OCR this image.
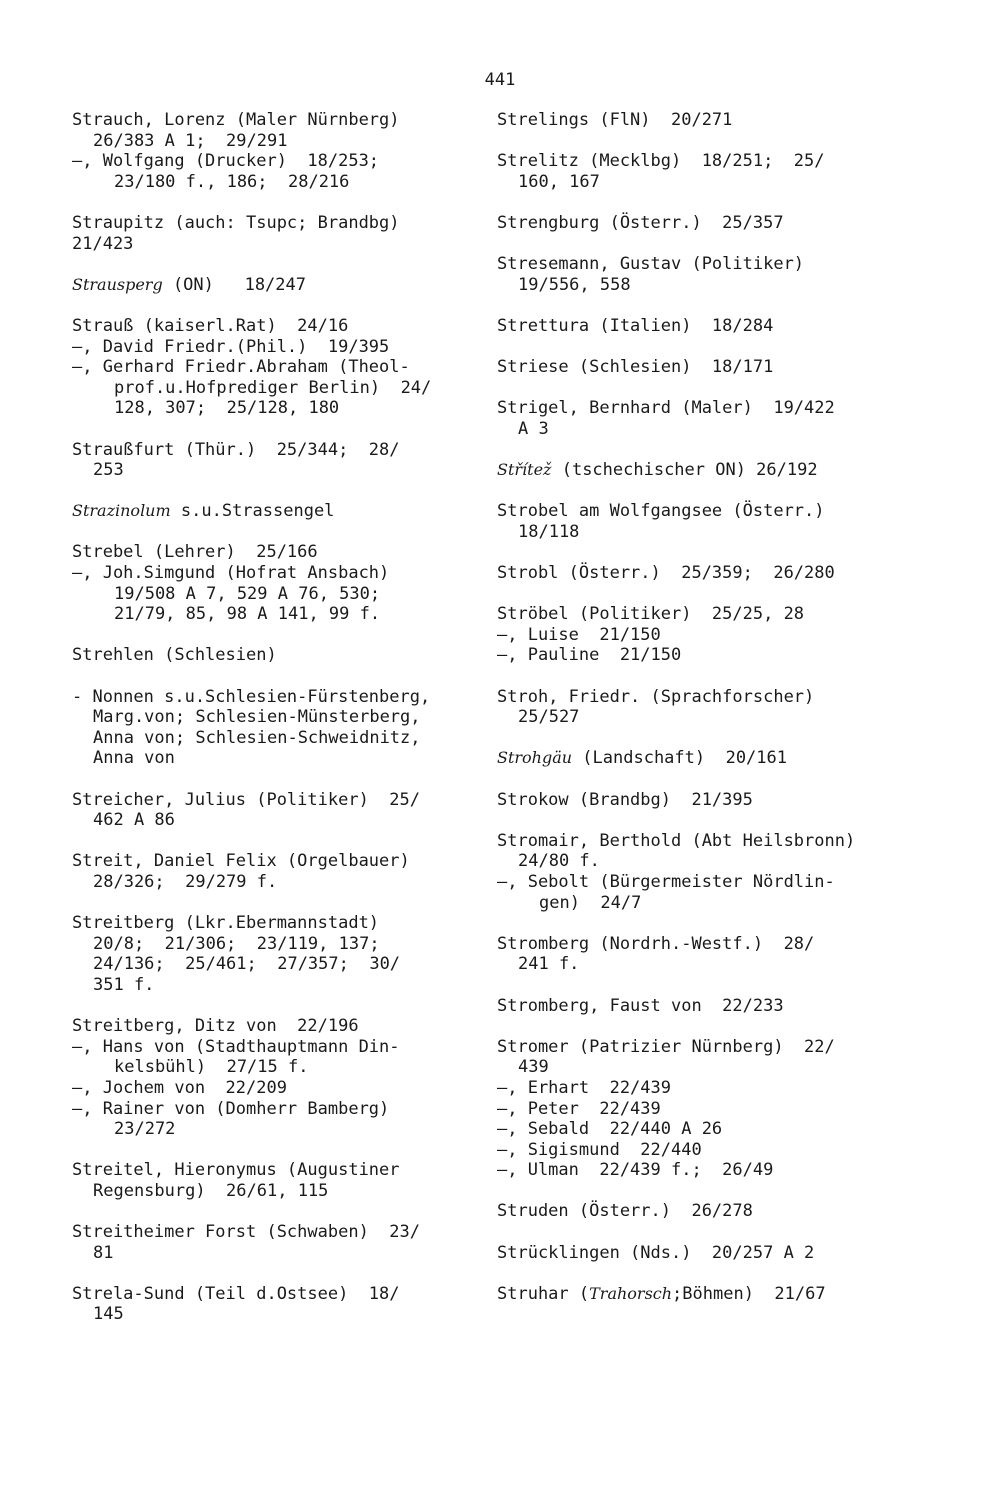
441
Strauch, Lorenz (Maler Nürnberg)
26/383 A 1;  29/291
—, Wolfgang (Drucker)  18/253;
23/180 f., 186;  28/216
Straupitz (auch: Tsupc; Brandbg)
21/423
Strausperg (ON)   18/247
Strauß (kaiserl.Rat)  24/16
—, David Friedr.(Phil.)  19/395
—, Gerhard Friedr.Abraham (Theol-
prof.u.Hofprediger Berlin)  24/
128, 307;  25/128, 180
Straußfurt (Thür.)  25/344;  28/
253
Strazinolum s.u.Strassengel
Strebel (Lehrer)  25/166
—, Joh.Simgund (Hofrat Ansbach)
19/508 A 7, 529 A 76, 530;
21/79, 85, 98 A 141, 99 f.
Strehlen (Schlesien)
- Nonnen s.u.Schlesien-Fürstenberg,
Marg.von; Schlesien-Münsterberg,
Anna von; Schlesien-Schweidnitz,
Anna von
Streicher, Julius (Politiker)  25/
462 A 86
Streit, Daniel Felix (Orgelbauer)
28/326;  29/279 f.
Streitberg (Lkr.Ebermannstadt)
20/8;  21/306;  23/119, 137;
24/136;  25/461;  27/357;  30/
351 f.
Streitberg, Ditz von  22/196
—, Hans von (Stadthauptmann Din-
kelsbühl)  27/15 f.
—, Jochem von  22/209
—, Rainer von (Domherr Bamberg)
23/272
Streitel, Hieronymus (Augustiner
Regensburg)  26/61, 115
Streitheimer Forst (Schwaben)  23/
81
Strela-Sund (Teil d.Ostsee)  18/
145
Strelings (FlN)  20/271
Strelitz (Mecklbg)  18/251;  25/
160, 167
Strengburg (Österr.)  25/357
Stresemann, Gustav (Politiker)
19/556, 558
Strettura (Italien)  18/284
Striese (Schlesien)  18/171
Strigel, Bernhard (Maler)  19/422
A 3
Střítež (tschechischer ON) 26/192
Strobel am Wolfgangsee (Österr.)
18/118
Strobl (Österr.)  25/359;  26/280
Ströbel (Politiker)  25/25, 28
—, Luise  21/150
—, Pauline  21/150
Stroh, Friedr. (Sprachforscher)
25/527
Strohgäu (Landschaft)  20/161
Strokow (Brandbg)  21/395
Stromair, Berthold (Abt Heilsbronn)
24/80 f.
—, Sebolt (Bürgermeister Nördlin-
gen)  24/7
Stromberg (Nordrh.-Westf.)  28/
241 f.
Stromberg, Faust von  22/233
Stromer (Patrizier Nürnberg)  22/
439
—, Erhart  22/439
—, Peter  22/439
—, Sebald  22/440 A 26
—, Sigismund  22/440
—, Ulman  22/439 f.;  26/49
Struden (Österr.)  26/278
Strücklingen (Nds.)  20/257 A 2
Struhar (Trahorsch;Böhmen)  21/67
